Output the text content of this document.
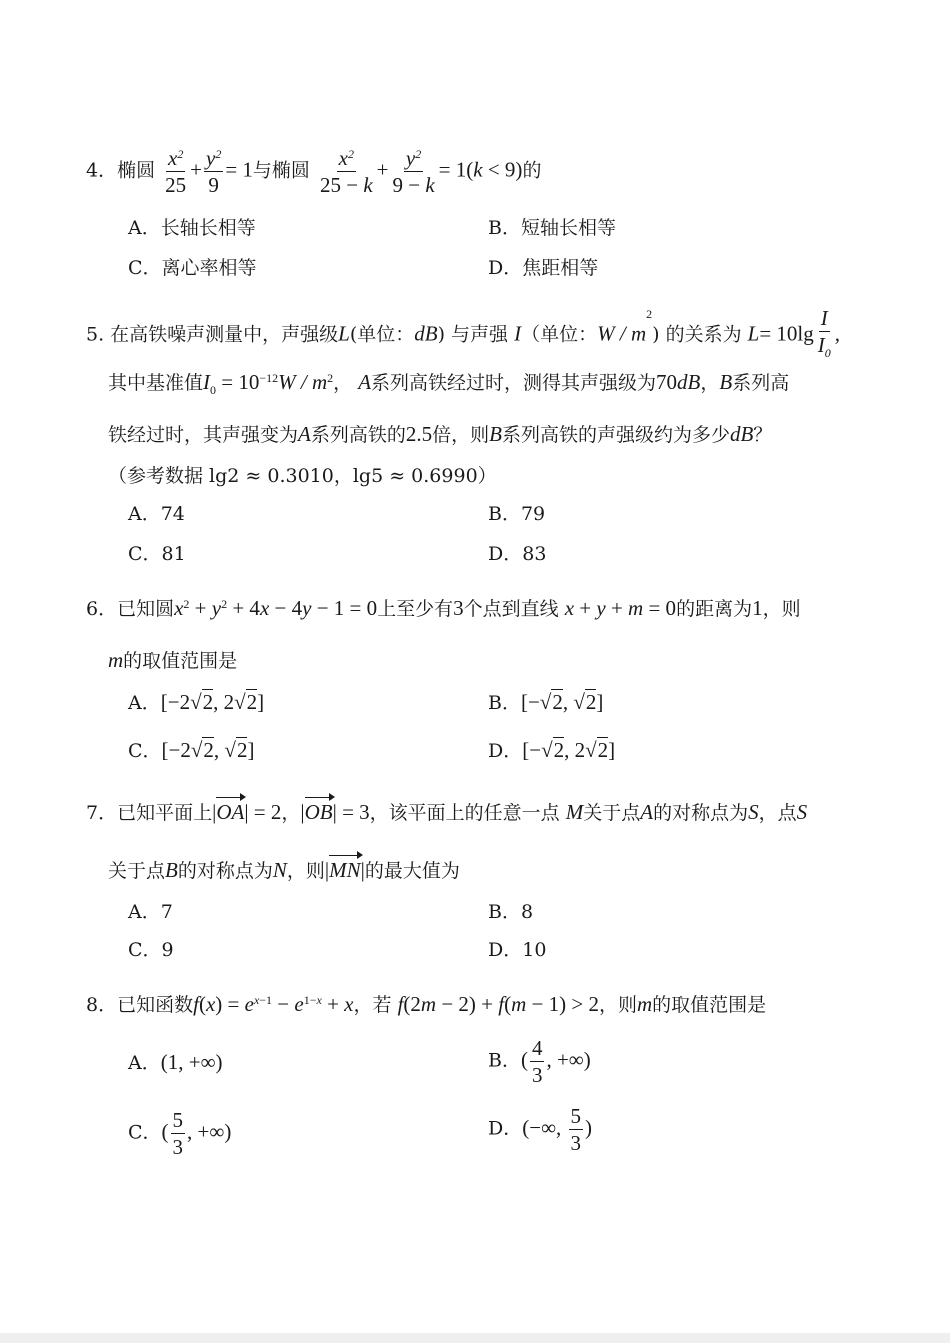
4．椭圆 $\frac{x^2}{25} + \frac{y^2}{9} = 1$与椭圆 $\frac{x^2}{25 - k} + \frac{y^2}{9 - k} = 1(k < 9)$的
A．长轴长相等	B．短轴长相等
C．离心率相等	D．焦距相等
5. 在高铁噪声测量中，声强级L(单位：dB) 与声强 I（单位：W / $m^2$) 的关系为 $L= 10\lg \frac{I}{I_0}$ ,
其中基准值$I_0 = 10^{-12}W / m^2$， A系列高铁经过时，测得其声强级为70dB，B系列高
铁经过时，其声强变为A系列高铁的2.5倍，则B系列高铁的声强级约为多少dB？
（参考数据 lg2 ≈ 0.3010，lg5 ≈ 0.6990）
A．74	B．79
C．81	D．83
6．已知圆$x^2 + y^2 + 4x - 4y - 1 = 0$上至少有3个点到直线 x + y + m = 0的距离为1，则
m的取值范围是
A．[−2√2, 2√2]	B．[−√2, √2]
C．[−2√2, √2]	D．[−√2, 2√2]
7．已知平面上|OA| = 2，|OB| = 3，该平面上的任意一点 M关于点A的对称点为S，点S
关于点B的对称点为N，则|MN|的最大值为
A．7	B．8
C．9	D．10
8．已知函数$f(x) = e^{x-1} - e^{1-x} + x$，若 f(2m − 2) + f(m − 1) > 2，则m的取值范围是
A．(1, +∞)	B．( $\frac{4}{3}$ , +∞)
C．( $\frac{5}{3}$ , +∞)	D．(−∞, $\frac{5}{3}$ )
